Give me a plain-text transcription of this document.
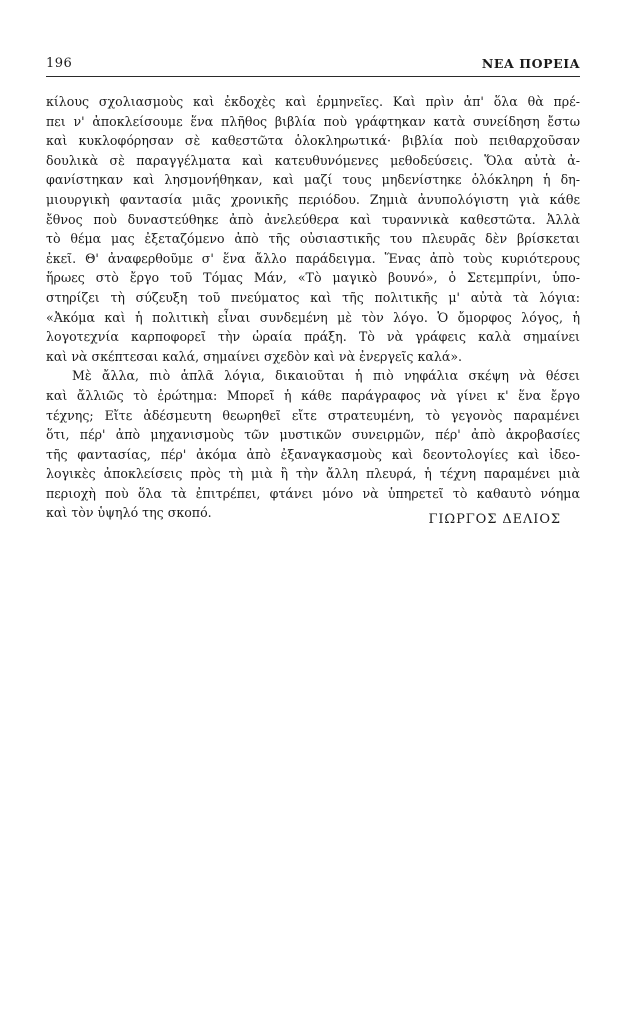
196	ΝΕΑ ΠΟΡΕΙΑ
κίλους σχολιασμοὺς καὶ ἐκδοχὲς καὶ ἑρμηνεῖες. Καὶ πρὶν ἀπ' ὅλα θὰ πρέ-
πει ν' ἀποκλείσουμε ἕνα πλῆθος βιβλία ποὺ γράφτηκαν κατὰ συνείδηση ἔστω
καὶ κυκλοφόρησαν σὲ καθεστῶτα ὁλοκληρωτικά· βιβλία ποὺ πειθαρχοῦσαν
δουλικὰ σὲ παραγγέλματα καὶ κατευθυνόμενες μεθοδεύσεις. Ὅλα αὐτὰ ἀ-
φανίστηκαν καὶ λησμονήθηκαν, καὶ μαζί τους μηδενίστηκε ὁλόκληρη ἡ δη-
μιουργικὴ φαντασία μιᾶς χρονικῆς περιόδου. Ζημιὰ ἀνυπολόγιστη γιὰ κάθε
ἔθνος ποὺ δυναστεύθηκε ἀπὸ ἀνελεύθερα καὶ τυραννικὰ καθεστῶτα. Ἀλλὰ
τὸ θέμα μας ἐξεταζόμενο ἀπὸ τῆς οὐσιαστικῆς του πλευρᾶς δὲν βρίσκεται
ἐκεῖ. Θ' ἀναφερθοῦμε σ' ἕνα ἄλλο παράδειγμα. Ἕνας ἀπὸ τοὺς κυριότερους
ἥρωες στὸ ἔργο τοῦ Τόμας Μάν, «Τὸ μαγικὸ βουνό», ὁ Σετεμπρίνι, ὑπο-
στηρίζει τὴ σύζευξη τοῦ πνεύματος καὶ τῆς πολιτικῆς μ' αὐτὰ τὰ λόγια:
«Ἀκόμα καὶ ἡ πολιτικὴ εἶναι συνδεμένη μὲ τὸν λόγο. Ὁ ὄμορφος λόγος, ἡ
λογοτεχνία καρποφορεῖ τὴν ὡραία πράξη. Τὸ νὰ γράφεις καλὰ σημαίνει
καὶ νὰ σκέπτεσαι καλά, σημαίνει σχεδὸν καὶ νὰ ἐνεργεῖς καλά».
Μὲ ἄλλα, πιὸ ἁπλᾶ λόγια, δικαιοῦται ἡ πιὸ νηφάλια σκέψη νὰ θέσει
καὶ ἄλλιῶς τὸ ἐρώτημα: Μπορεῖ ἡ κάθε παράγραφος νὰ γίνει κ' ἕνα ἔργο
τέχνης; Εἴτε ἀδέσμευτη θεωρηθεῖ εἴτε στρατευμένη, τὸ γεγονὸς παραμένει
ὅτι, πέρ' ἀπὸ μηχανισμοὺς τῶν μυστικῶν συνειρμῶν, πέρ' ἀπὸ ἀκροβασίες
τῆς φαντασίας, πέρ' ἀκόμα ἀπὸ ἐξαναγκασμοὺς καὶ δεοντολογίες καὶ ἰδεο-
λογικὲς ἀποκλείσεις πρὸς τὴ μιὰ ἢ τὴν ἄλλη πλευρά, ἡ τέχνη παραμένει μιὰ
περιοχὴ ποὺ ὅλα τὰ ἐπιτρέπει, φτάνει μόνο νὰ ὑπηρετεῖ τὸ καθαυτὸ νόημα
καὶ τὸν ὑψηλό της σκοπό.	ΓΙΩΡΓΟΣ ΔΕΛΙΟΣ
